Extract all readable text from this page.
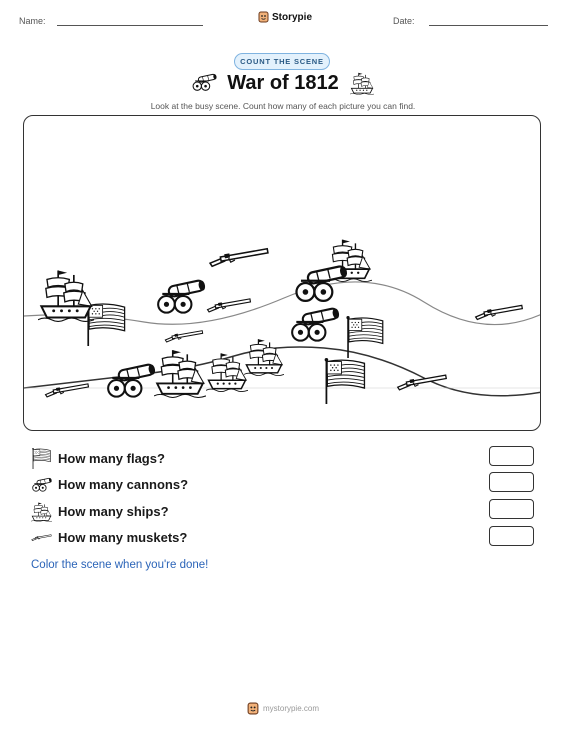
Name:	Storypie	Date:
COUNT THE SCENE
War of 1812
Look at the busy scene. Count how many of each picture you can find.
How many flags?
How many cannons?
How many ships?
How many muskets?
Color the scene when you're done!
mystorypie.com
